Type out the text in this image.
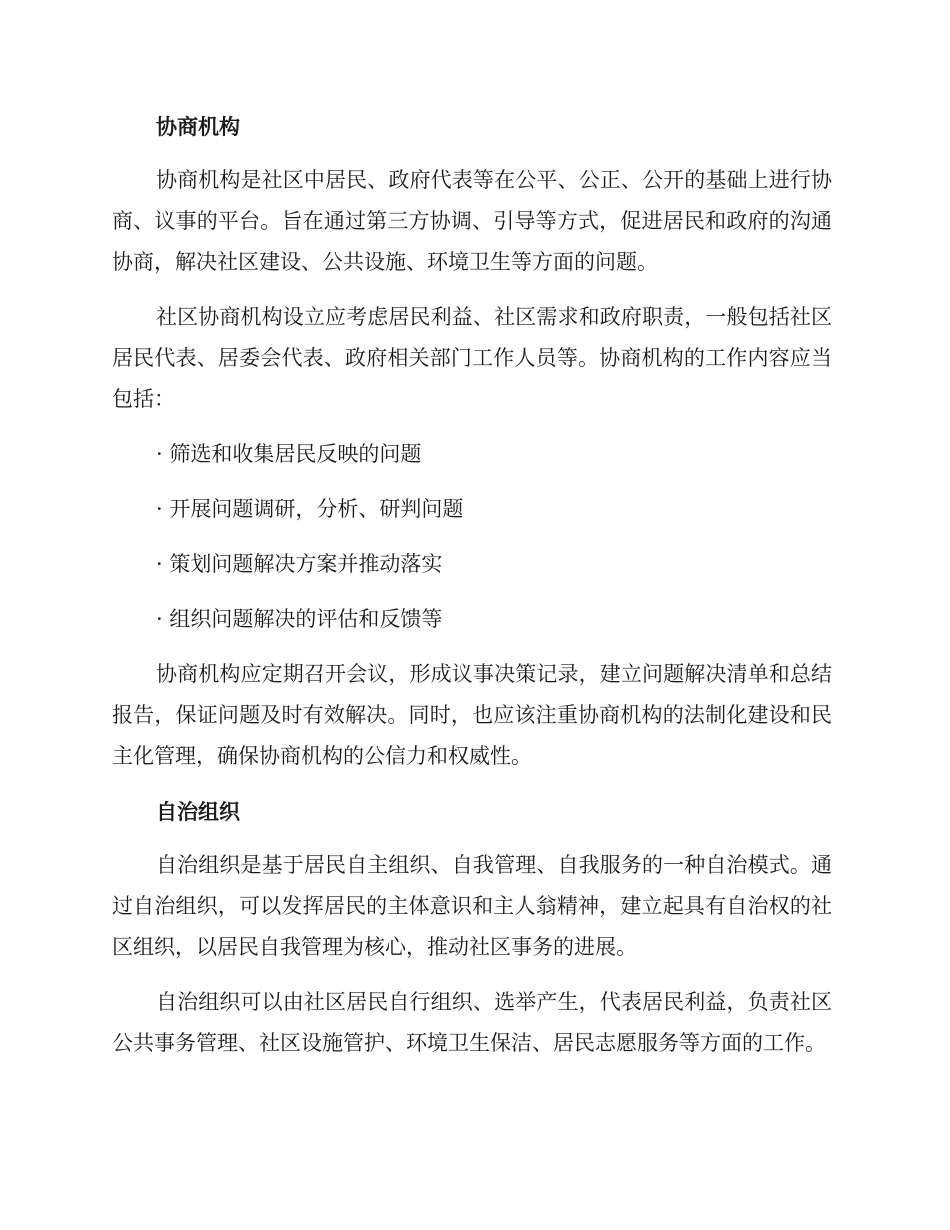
协商机构

协商机构是社区中居民、政府代表等在公平、公正、公开的基础上进行协商、议事的平台。旨在通过第三方协调、引导等方式，促进居民和政府的沟通协商，解决社区建设、公共设施、环境卫生等方面的问题。

社区协商机构设立应考虑居民利益、社区需求和政府职责，一般包括社区居民代表、居委会代表、政府相关部门工作人员等。协商机构的工作内容应当包括：

· 筛选和收集居民反映的问题

· 开展问题调研，分析、研判问题

· 策划问题解决方案并推动落实

· 组织问题解决的评估和反馈等

协商机构应定期召开会议，形成议事决策记录，建立问题解决清单和总结报告，保证问题及时有效解决。同时，也应该注重协商机构的法制化建设和民主化管理，确保协商机构的公信力和权威性。

自治组织

自治组织是基于居民自主组织、自我管理、自我服务的一种自治模式。通过自治组织，可以发挥居民的主体意识和主人翁精神，建立起具有自治权的社区组织，以居民自我管理为核心，推动社区事务的进展。

自治组织可以由社区居民自行组织、选举产生，代表居民利益，负责社区公共事务管理、社区设施管护、环境卫生保洁、居民志愿服务等方面的工作。
